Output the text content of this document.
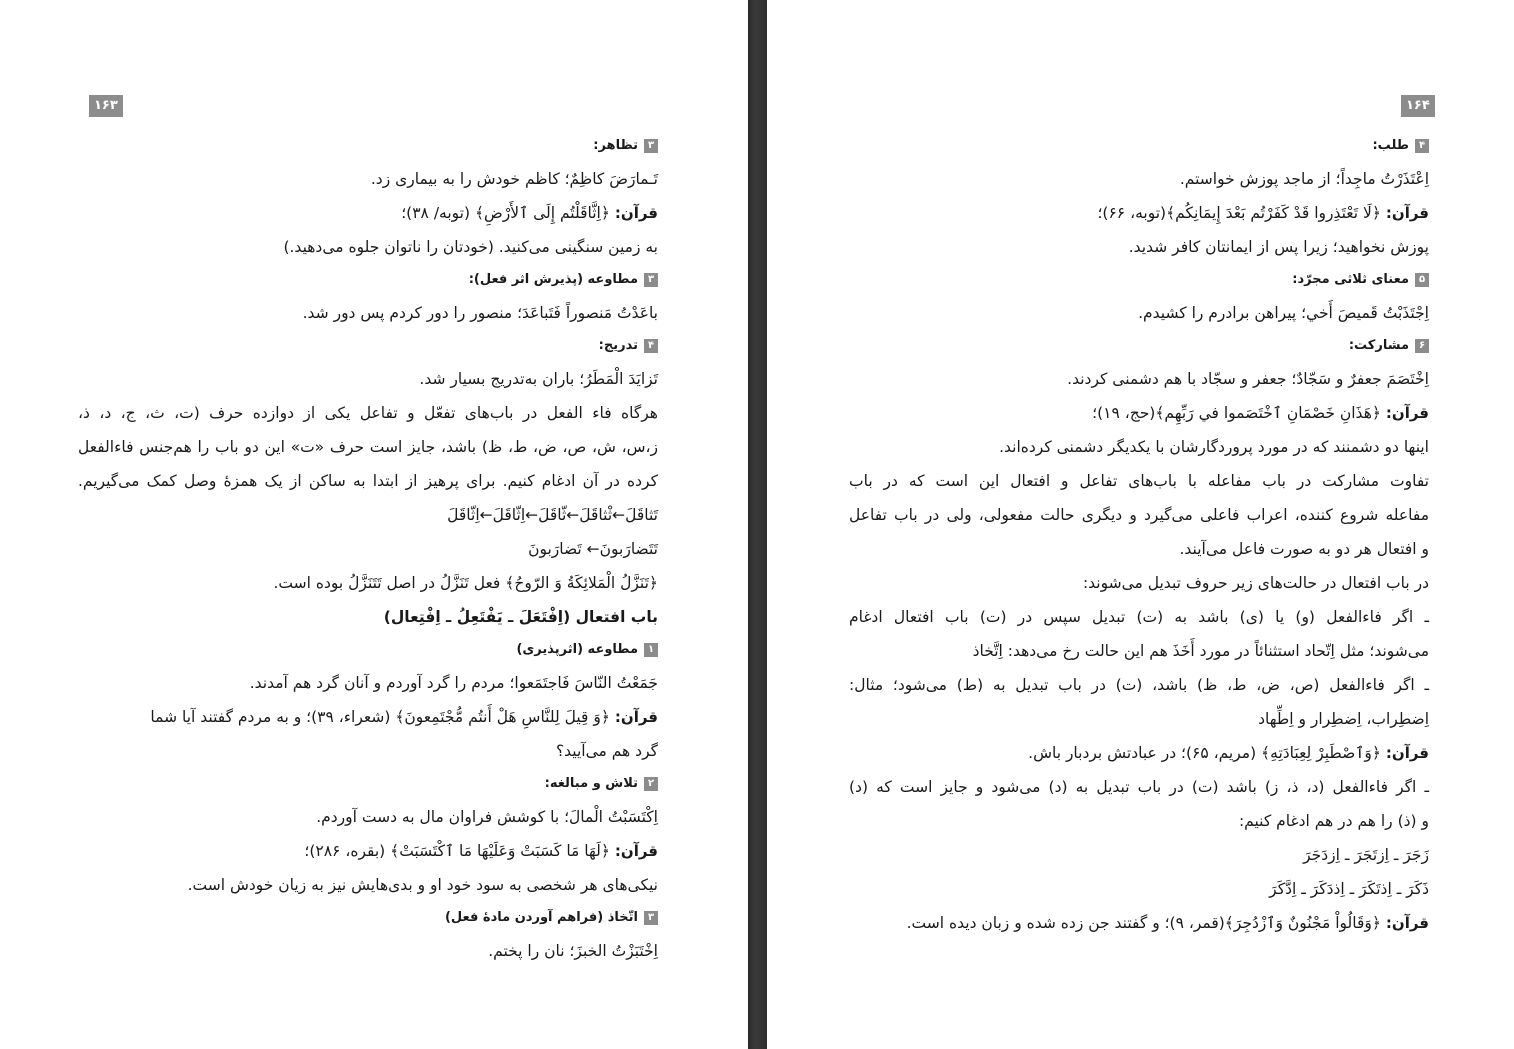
۱۶۳
۳تظاهر:
تَـمارَضَ کاظِمٌ؛ کاظم خودش را به بیماری زد.
قرآن: ﴿اِثَّاقَلْتُم إِلَی ٱلأَرْضِ﴾ (توبه/ ۳۸)؛
به زمین سنگینی می‌کنید. (خودتان را ناتوان جلوه می‌دهید.)
۳مطاوعه (پذیرش اثر فعل):
باعَدْتُ مَنصوراً فَتَباعَدَ؛ منصور را دور کردم پس دور شد.
۴تدریج:
تَزایَدَ الْمَطَرُ؛ باران به‌تدریج بسیار شد.
هرگاه فاء الفعل در باب‌های تفعّل و تفاعل یکی از دوازده حرف (ت، ث، ج، د، ذ،
ز،س، ش، ص، ض، ط، ظ) باشد، جایز است حرف «ت» این دو باب را هم‌جنس فاءالفعل
کرده در آن ادغام کنیم. برای پرهیز از ابتدا به ساکن از یک همزهٔ وصل کمک می‌گیریم.
تَثاقَلَ←ثْثاقَلَ←ثّاقَلَ←اِثّاقَلَ←اِثّاقَلَ
تَتَضارَبونَ← تَضارَبونَ
﴿تَنَزَّلُ الْمَلائِکَةُ وَ الرّوحُ﴾ فعل تَنَزَّلُ در اصل تَتَنَزَّلُ بوده است.
باب افتعال (اِفْتَعَلَ ـ یَفْتَعِلُ ـ اِفْتِعال)
۱مطاوعه (اثرپذیری)
جَمَعْتُ النّاسَ فَاجتَمَعوا؛ مردم را گرد آوردم و آنان گرد هم آمدند.
قرآن: ﴿وَ قِیلَ لِلنَّاسِ هَلْ أَنتُم مُّجْتَمِعونَ﴾ (شعراء، ۳۹)؛ و به مردم گفتند آیا شما
گرد هم می‌آیید؟
۲تلاش و مبالغه:
اِکْتَسَبْتُ الْمالَ؛ با کوشش فراوان مال به دست آوردم.
قرآن: ﴿لَهَا مَا کَسَبَتْ وَعَلَیْهَا مَا ٱکْتَسَبَتْ﴾ (بقره، ۲۸۶)؛
نیکی‌های هر شخصی به سود خود او و بدی‌هایش نیز به زیان خودش است.
۳اتّخاذ (فراهم آوردن مادهٔ فعل)
اِخْتَبَزْتُ الخبزَ؛ نان را پختم.
۱۶۴
۴طلب:
اِعْتَذَرْتُ ماجِداً؛ از ماجد پوزش خواستم.
قرآن: ﴿لَا تَعْتَذِروا قَدْ کَفَرْتُم بَعْدَ إِیمَانِکُم﴾(توبه، ۶۶)؛
پوزش نخواهید؛ زیرا پس از ایمانتان کافر شدید.
۵معنای ثلاثی مجرّد:
اِجْتَذَبْتُ قَمیصَ أَخي؛ پیراهن برادرم را کشیدم.
۶مشارکت:
اِخْتَصَمَ جعفرٌ و سَجّادٌ؛ جعفر و سجّاد با هم دشمنی کردند.
قرآن: ﴿هَذَانِ خَصْمَانِ ٱخْتَصَموا في رَبِّهِم﴾(حج، ۱۹)؛
اینها دو دشمنند که در مورد پروردگارشان با یکدیگر دشمنی کرده‌اند.
تفاوت مشارکت در باب مفاعله با باب‌های تفاعل و افتعال این است که در باب
مفاعله شروع کننده، اعراب فاعلی می‌گیرد و دیگری حالت مفعولی، ولی در باب تفاعل
و افتعال هر دو به صورت فاعل می‌آیند.
در باب افتعال در حالت‌های زیر حروف تبدیل می‌شوند:
ـ اگر فاءالفعل (و) یا (ی) باشد به (ت) تبدیل سپس در (ت) باب افتعال ادغام
می‌شوند؛ مثل اِتّحاد استثنائاً در مورد أَخَذَ هم این حالت رخ می‌دهد: اِتَّخاذ
ـ اگر فاءالفعل (ص، ض، ط، ظ) باشد، (ت) در باب تبدیل به (ط) می‌شود؛ مثال:
اِضطِراب، اِضطِرار و اِطِّهاد
قرآن: ﴿وَٱصْطَبِرْ لِعِبَادَتِهِ﴾ (مریم، ۶۵)؛ در عبادتش بردبار باش.
ـ اگر فاءالفعل (د، ذ، ز) باشد (ت) در باب تبدیل به (د) می‌شود و جایز است که (د)
و (ذ) را هم در هم ادغام کنیم:
زَجَرَ ـ اِزتَجَرَ ـ اِزدَجَرَ
ذَکَرَ ـ اِذتَکَرَ ـ اِذدَکَرَ ـ اِدَّکَرَ
قرآن: ﴿وَقَالُواْ مَجْنُونٌ وَٱزْدُجِرَ﴾(قمر، ۹)؛ و گفتند جن زده شده و زبان دیده است.
